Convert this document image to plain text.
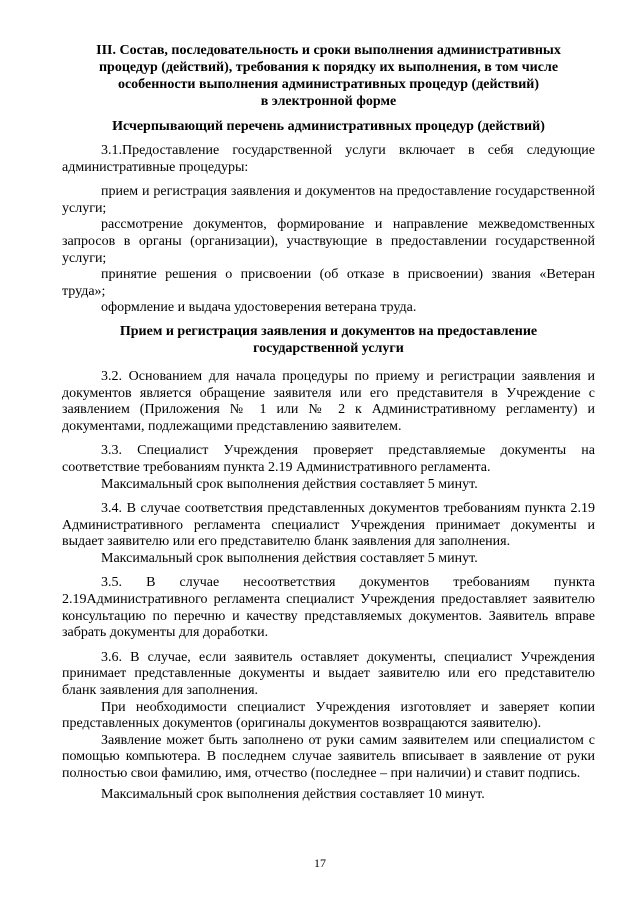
III. Состав, последовательность и сроки выполнения административных
процедур (действий), требования к порядку их выполнения, в том числе
особенности выполнения административных процедур (действий)
в электронной форме
Исчерпывающий перечень административных процедур (действий)

3.1.Предоставление государственной услуги включает в себя следующие административные процедуры:

прием и регистрация заявления и документов на предоставление государственной услуги;

рассмотрение документов, формирование и направление межведомственных запросов в органы (организации), участвующие в предоставлении государственной услуги;

принятие решения о присвоении (об отказе в присвоении) звания «Ветеран труда»;

оформление и выдача удостоверения ветерана труда.

Прием и регистрация заявления и документов на предоставление
государственной услуги

3.2. Основанием для начала процедуры по приему и регистрации заявления и документов является обращение заявителя или его представителя в Учреждение с заявлением (Приложения № 1 или № 2 к Административному регламенту) и документами, подлежащими представлению заявителем.

3.3. Специалист Учреждения проверяет представляемые документы на соответствие требованиям пункта 2.19 Административного регламента.

Максимальный срок выполнения действия составляет 5 минут.

3.4. В случае соответствия представленных документов требованиям пункта 2.19 Административного регламента специалист Учреждения принимает документы и выдает заявителю или его представителю бланк заявления для заполнения.

Максимальный срок выполнения действия составляет 5 минут.

3.5. В случае несоответствия документов требованиям пункта 2.19Административного регламента специалист Учреждения предоставляет заявителю консультацию по перечню и качеству представляемых документов. Заявитель вправе забрать документы для доработки.

3.6. В случае, если заявитель оставляет документы, специалист Учреждения принимает представленные документы и выдает заявителю или его представителю бланк заявления для заполнения.

При необходимости специалист Учреждения изготовляет и заверяет копии представленных документов (оригиналы документов возвращаются заявителю).

Заявление может быть заполнено от руки самим заявителем или специалистом с помощью компьютера. В последнем случае заявитель вписывает в заявление от руки полностью свои фамилию, имя, отчество (последнее – при наличии) и ставит подпись.

Максимальный срок выполнения действия составляет 10 минут.

17
